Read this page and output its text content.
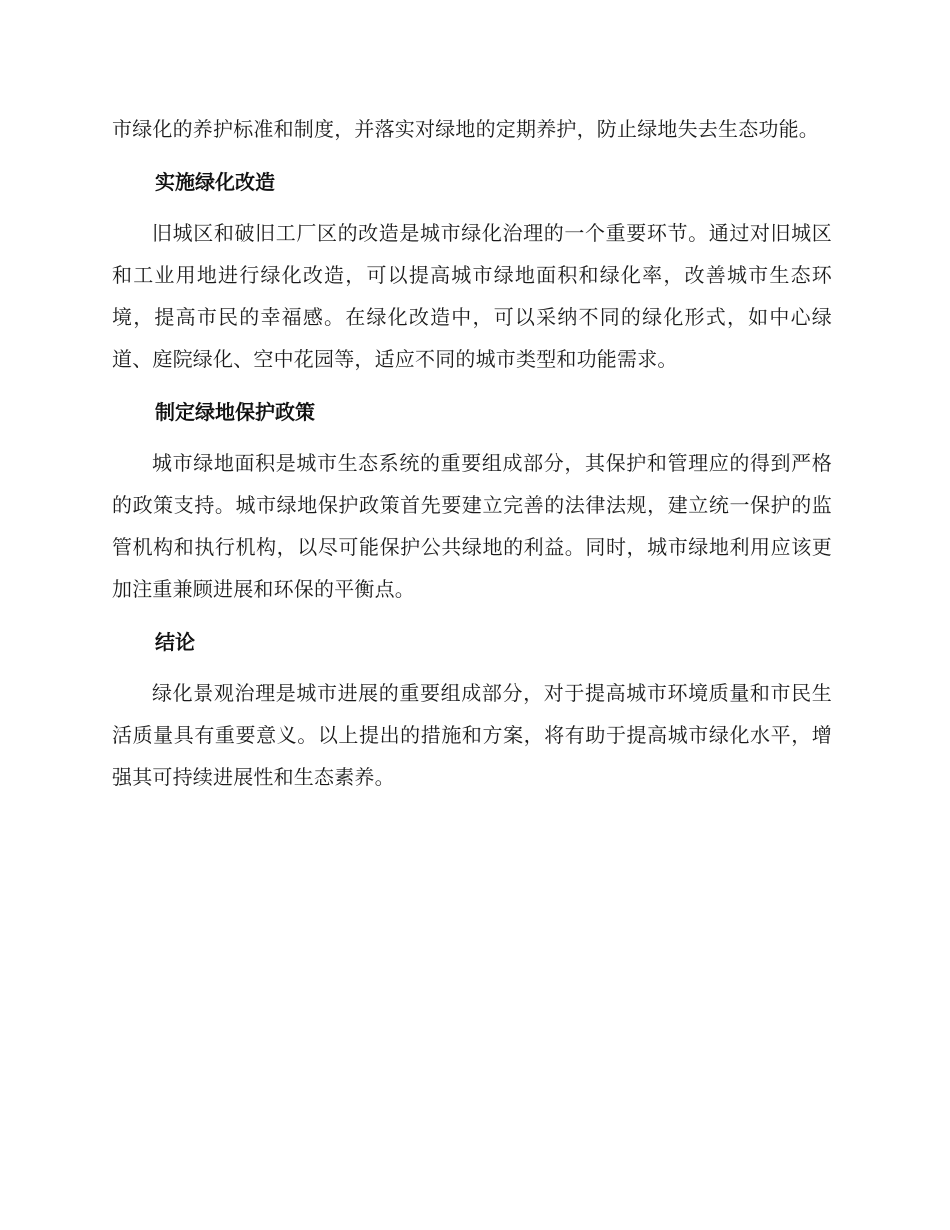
市绿化的养护标准和制度，并落实对绿地的定期养护，防止绿地失去生态功能。

实施绿化改造

旧城区和破旧工厂区的改造是城市绿化治理的一个重要环节。通过对旧城区和工业用地进行绿化改造，可以提高城市绿地面积和绿化率，改善城市生态环境，提高市民的幸福感。在绿化改造中，可以采纳不同的绿化形式，如中心绿道、庭院绿化、空中花园等，适应不同的城市类型和功能需求。

制定绿地保护政策

城市绿地面积是城市生态系统的重要组成部分，其保护和管理应的得到严格的政策支持。城市绿地保护政策首先要建立完善的法律法规，建立统一保护的监管机构和执行机构，以尽可能保护公共绿地的利益。同时，城市绿地利用应该更加注重兼顾进展和环保的平衡点。

结论

绿化景观治理是城市进展的重要组成部分，对于提高城市环境质量和市民生活质量具有重要意义。以上提出的措施和方案，将有助于提高城市绿化水平，增强其可持续进展性和生态素养。
